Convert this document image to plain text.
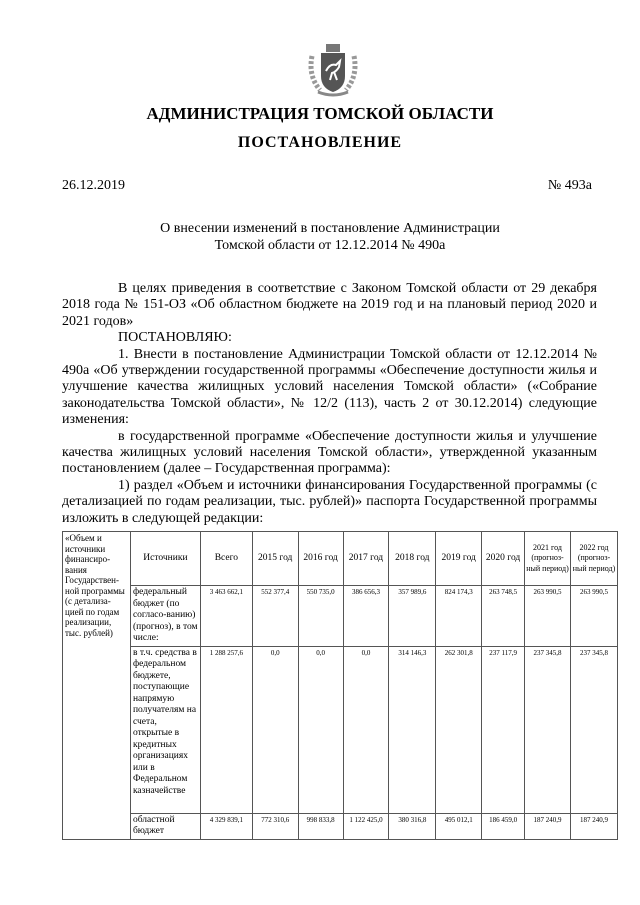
АДМИНИСТРАЦИЯ ТОМСКОЙ ОБЛАСТИ
ПОСТАНОВЛЕНИЕ
26.12.2019	№ 493а
О внесении изменений в постановление Администрации
Томской области от 12.12.2014 № 490а

В целях приведения в соответствие с Законом Томской области от 29 декабря 2018 года № 151-ОЗ «Об областном бюджете на 2019 год и на плановый период 2020 и 2021 годов»

ПОСТАНОВЛЯЮ:

1. Внести в постановление Администрации Томской области от 12.12.2014 № 490а «Об утверждении государственной программы «Обеспечение доступности жилья и улучшение качества жилищных условий населения Томской области» («Собрание законодательства Томской области», № 12/2 (113), часть 2 от 30.12.2014) следующие изменения:

в государственной программе «Обеспечение доступности жилья и улучшение качества жилищных условий населения Томской области», утвержденной указанным постановлением (далее – Государственная программа):

1) раздел «Объем и источники финансирования Государственной программы (с детализацией по годам реализации, тыс. рублей)» паспорта Государственной программы изложить в следующей редакции:

«Объем и источники финансиро-вания Государствен-ной программы (с детализа-цией по годам реализации, тыс. рублей)	Источники	Всего	2015 год	2016 год	2017 год	2018 год	2019 год	2020 год	2021 год (прогноз-ный период)	2022 год (прогноз-ный период)
	федеральный бюджет (по согласо-ванию) (прогноз), в том числе:	3 463 662,1	552 377,4	550 735,0	386 656,3	357 989,6	824 174,3	263 748,5	263 990,5	263 990,5
	в т.ч. средства в федеральном бюджете, поступающие напрямую получателям на счета, открытые в кредитных организациях или в Федеральном казначействе	1 288 257,6	0,0	0,0	0,0	314 146,3	262 301,8	237 117,9	237 345,8	237 345,8
	областной бюджет	4 329 839,1	772 310,6	998 833,8	1 122 425,0	380 316,8	495 012,1	186 459,0	187 240,9	187 240,9
